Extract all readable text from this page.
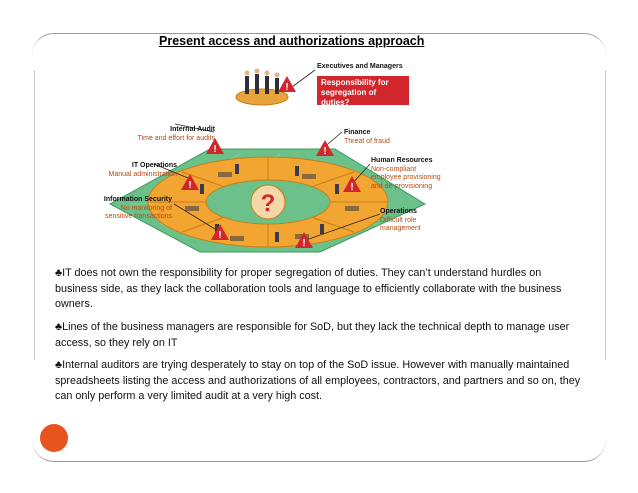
Present access and authorizations approach
?
!
!
!
!
!
!
!
Executives and Managers
Responsibility for
segregation of duties?
Internal Audit
Time and effort for audits
IT Operations
Manual administration
Information Security
No monitoring of
sensitive transactions
Finance
Threat of fraud
Human Resources
Non-compliant
employee provisioning
and de-provisioning
Operations
Difficult role
management
♣IT does not own the responsibility for proper segregation of duties. They can’t understand hurdles on business side, as they lack the collaboration tools and language to efficiently collaborate with the business owners.
♣Lines of the business managers are responsible for SoD, but they lack the technical depth to manage user access, so they rely on IT
♣Internal auditors are trying desperately to stay on top of the SoD issue. However with manually maintained spreadsheets listing the access and authorizations of all employees, contractors, and partners and so on, they can only perform a very limited audit at a very high cost.
